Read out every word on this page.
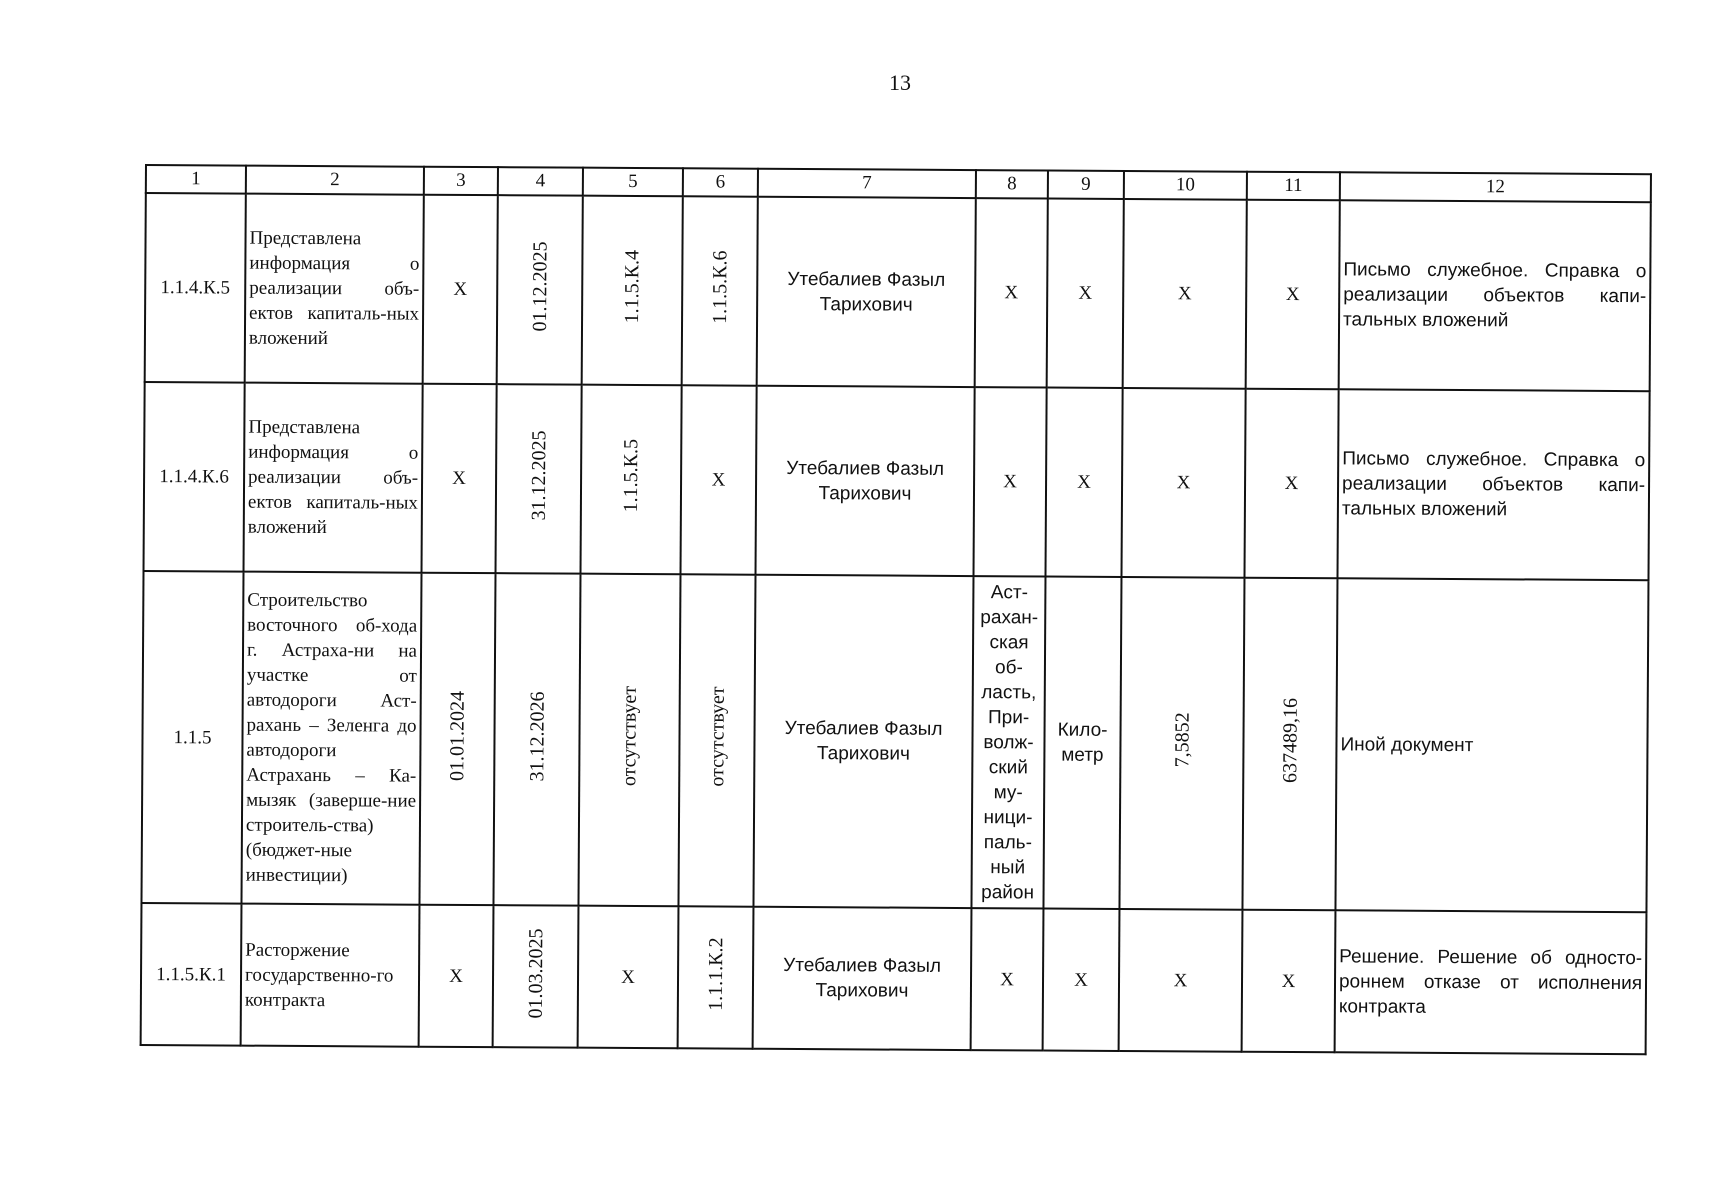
13
1	2	3	4	5	6	7	8	9	10	11	12
1.1.4.К.5	Представлена информация о реализации объ-ектов капиталь-ных вложений	Х	01.12.2025	1.1.5.К.4	1.1.5.К.6	Утебалиев Фазыл Тарихович	Х	Х	Х	Х	Письмо служебное. Справка о реализации объектов капи-тальных вложений
1.1.4.К.6	Представлена информация о реализации объ-ектов капиталь-ных вложений	Х	31.12.2025	1.1.5.К.5	Х	Утебалиев Фазыл Тарихович	Х	Х	Х	Х	Письмо служебное. Справка о реализации объектов капи-тальных вложений
1.1.5	Строительство восточного об-хода г. Астраха-ни на участке от автодороги Аст-рахань – Зеленга до автодороги Астрахань – Ка-мызяк (заверше-ние строитель-ства) (бюджет-ные инвестиции)	01.01.2024	31.12.2026	отсутствует	отсутствует	Утебалиев Фазыл Тарихович	Аст-рахан-ская об-ласть, При-волж-ский му-ници-паль-ный район	Кило-метр	7,5852	637489,16	Иной документ
1.1.5.К.1	Расторжение государственно-го контракта	Х	01.03.2025	Х	1.1.1.К.2	Утебалиев Фазыл Тарихович	Х	Х	Х	Х	Решение. Решение об односто-роннем отказе от исполнения контракта
